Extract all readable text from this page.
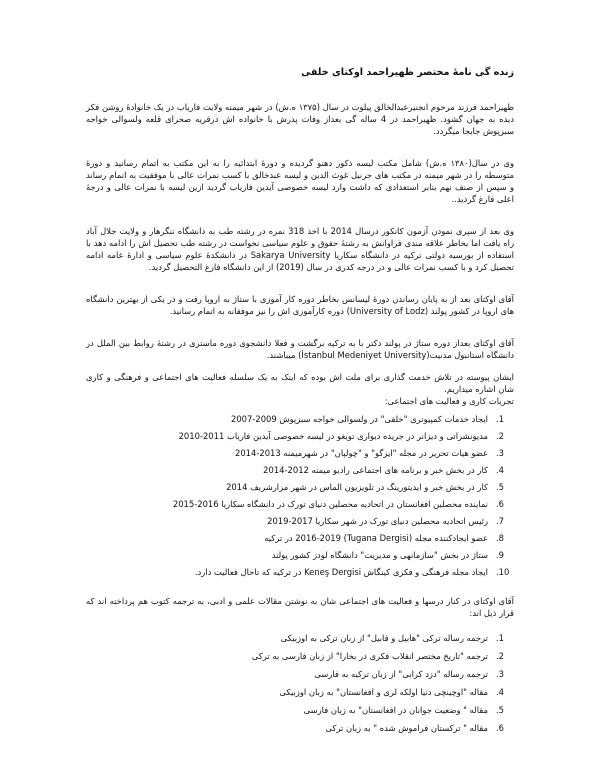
زنده گی نامهٔ مختصر ظهیراحمد اوکتای خلقی

ظهیراحمد فرزند مرحوم انجنیرعبدالخالق پیلوت در سال (۱۳۷۵ ه.ش) در شهر میمنه ولایت فاریاب در یک خانوادهٔ روشن فکر دیده به جهان گشود. ظهیراحمد در 4 ساله گی بعداز وفات پدرش با خانواده اش درقریه صحرای قلعه ولسوالی خواجه سبزپوش جابجا میگردد.

وی در سال(۱۳۸۰ ه.ش) شامل مکتب لیسه ذکور دهنو گردیده و دورهٔ ابتدائیه را به این مکتب به اتمام رسانید و دورهٔ متوسطه را در شهر میمنه در مکتب های جرنیل غوث الدین و لیسه عبدخالق با کسب نمرات عالی با موفقیت به اتمام رساند و سپس از صنف نهم بنابر استعدادی که داشت وارد لیسه خصوصی آیدین فاریاب گردید ازین لیسه با نمرات عالی و درجهٔ اعلی فارغ گردید..

وی بعد از سپری نمودن آزمون کانکور درسال 2014 با اخذ 318 نمره در رشته طب به دانشگاه ننگرهار و ولایت جلال آباد راه یافت اما بخاطر علاقه مندی فراوانش به رشتهٔ حقوق و علوم سیاسی نخواست در رشته طب تحصیل اش را ادامه دهد با استفاده از بورسیه دولتی ترکیه در دانشگاه سکاریا Sakarya University در دانشکدهٔ علوم سیاسی و ادارهٔ عامه ادامه تحصیل کرد و با کسب نمرات عالی و در درجه کدری در سال (2019) از این دانشگاه فارغ التحصیل گردید.

آقای اوکتای بعد از به پایان رساندن دورهٔ لیسانس بخاطر دوره کار آموزی با ستاژ به اروپا رفت و در یکی از بهترین دانشگاه های اروپا در کشور پولند (University of Lodz) دوره کارآموزی اش را نیز موفقانه به اتمام رسانید.

آقای اوکتای بعداز دوره ستاژ در پولند دکتر با به ترکیه برگشت و فعلا دانشجوی دوره ماستری در رشتهٔ روابط بین الملل در دانشگاه استانبول مدنیت(İstanbul Medeniyet University) میباشند.

ایشان پیوسته در تلاش خدمت گذاری برای ملت اش بوده که اینک به یک سلسله فعالیت های اجتماعی و فرهنگی و کاری شان اشاره میداریم.

تجربات کاری و فعالیت های اجتماعی:

1.
ایجاد خدمات کمپیوتری "خلقی" در ولسوالی خواجه سبزپوش 2009-2007
2.
مدیونشراتی و دیزانر در جریده دیواری تویغو در لیسه خصوصی آیدین فاریاب 2011-2010
3.
عضو هیات تحریر در مجله "ایزگو" و "چولپان" در شهرمیمنه 2013-2014
4.
کار در بخش خبر و برنامه های اجتماعی رادیو میمنه 2012-2014
5.
کار در بخش خبر و ایدیتورینگ در تلویزیون الماس در شهر مزارشریف 2014
6.
نماینده محصلین افغانستان در اتحادیه محصلین دنیای تورک در دانشگاه سکاریا 2016-2015
7.
رئیس اتحادیه محصلین دنیای تورک در شهر سکاریا 2017-2019
8.
عضو ایجادکننده مجله (Tugana Dergisi) 2016-2019 در ترکیه
9.
ستاژ در بخش "سازمانهی و مدیریت" دانشگاه لودز کشور پولند
10.
ایجاد مجله فرهنگی و فکری کینگاش Keneş Dergisi در ترکیه که تاحال فعالیت دارد.

آقای اوکتای در کنار درسها و فعالیت های اجتماعی شان به نوشتن مقالات علمی و ادبی، به ترجمه کتوب هم پرداخته اند که قرار ذیل اند:

1.
ترجمه رساله ترکی "هابیل و قابیل" از زبان ترکی به اوزبیکی
2.
ترجمه "تاریخ مختصر انقلاب فکری در بخارا" از زبان فارسی به ترکی
3.
ترجمه رساله "دزد کرابی" از زبان ترکیه به فارسی
4.
مقاله "اوچینچی دنیا اولکه لری و افغانستان" به زبان اوزبیکی
5.
مقاله " وضعیت جوانان در افغانستان" به زبان فارسی
6.
مقاله " ترکستان فراموش شده " به زبان ترکی
